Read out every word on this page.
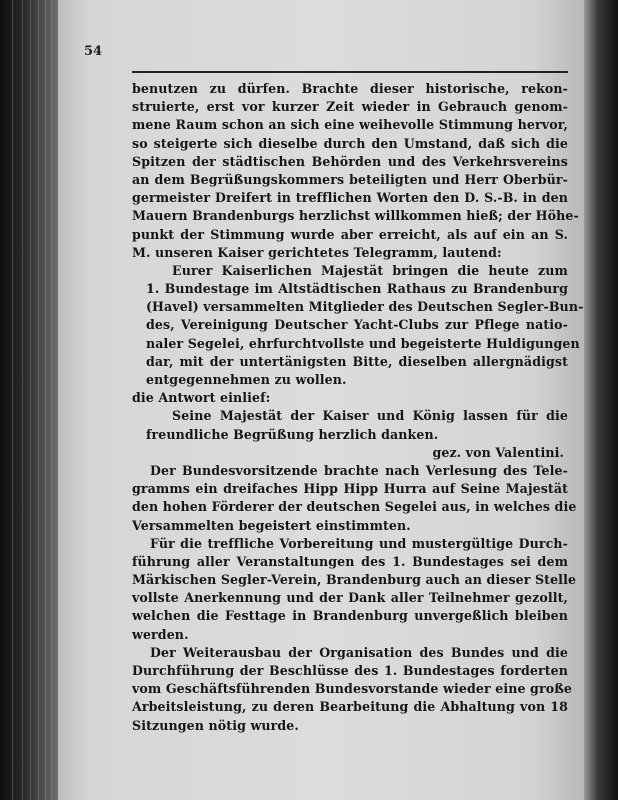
54
benutzen zu dürfen. Brachte dieser historische, rekon-
struierte, erst vor kurzer Zeit wieder in Gebrauch genom-
mene Raum schon an sich eine weihevolle Stimmung hervor,
so steigerte sich dieselbe durch den Umstand, daß sich die
Spitzen der städtischen Behörden und des Verkehrsvereins
an dem Begrüßungskommers beteiligten und Herr Oberbür-
germeister Dreifert in trefflichen Worten den D. S.-B. in den
Mauern Brandenburgs herzlichst willkommen hieß; der Höhe-
punkt der Stimmung wurde aber erreicht, als auf ein an S.
M. unseren Kaiser gerichtetes Telegramm, lautend:
Eurer Kaiserlichen Majestät bringen die heute zum
1. Bundestage im Altstädtischen Rathaus zu Brandenburg
(Havel) versammelten Mitglieder des Deutschen Segler-Bun-
des, Vereinigung Deutscher Yacht-Clubs zur Pflege natio-
naler Segelei, ehrfurchtvollste und begeisterte Huldigungen
dar, mit der untertänigsten Bitte, dieselben allergnädigst
entgegennehmen zu wollen.
die Antwort einlief:
Seine Majestät der Kaiser und König lassen für die
freundliche Begrüßung herzlich danken.
gez. von Valentini.
Der Bundesvorsitzende brachte nach Verlesung des Tele-
gramms ein dreifaches Hipp Hipp Hurra auf Seine Majestät
den hohen Förderer der deutschen Segelei aus, in welches die
Versammelten begeistert einstimmten.
Für die treffliche Vorbereitung und mustergültige Durch-
führung aller Veranstaltungen des 1. Bundestages sei dem
Märkischen Segler-Verein, Brandenburg auch an dieser Stelle
vollste Anerkennung und der Dank aller Teilnehmer gezollt,
welchen die Festtage in Brandenburg unvergeßlich bleiben
werden.
Der Weiterausbau der Organisation des Bundes und die
Durchführung der Beschlüsse des 1. Bundestages forderten
vom Geschäftsführenden Bundesvorstande wieder eine große
Arbeitsleistung, zu deren Bearbeitung die Abhaltung von 18
Sitzungen nötig wurde.
